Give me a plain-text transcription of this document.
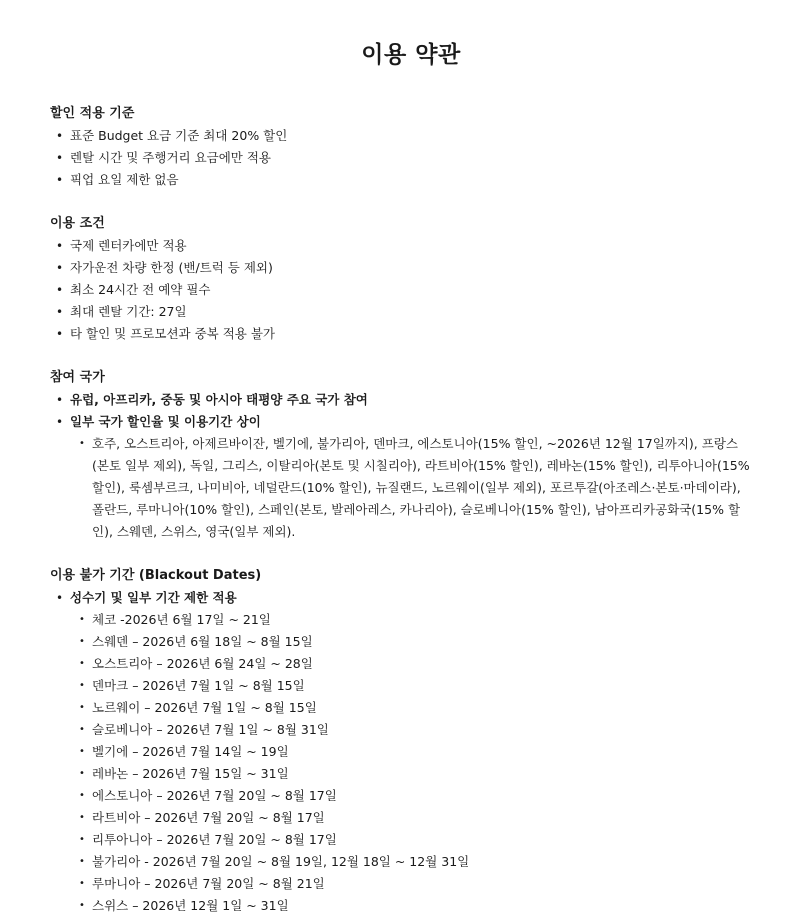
이용 약관
할인 적용 기준
• 표준 Budget 요금 기준 최대 20% 할인
• 렌탈 시간 및 주행거리 요금에만 적용
• 픽업 요일 제한 없음
이용 조건
• 국제 렌터카에만 적용
• 자가운전 차량 한정 (밴/트럭 등 제외)
• 최소 24시간 전 예약 필수
• 최대 렌탈 기간: 27일
• 타 할인 및 프로모션과 중복 적용 불가
참여 국가
• 유럽, 아프리카, 중동 및 아시아 태평양 주요 국가 참여
• 일부 국가 할인율 및 이용기간 상이
• 호주, 오스트리아, 아제르바이잔, 벨기에, 불가리아, 덴마크, 에스토니아(15% 할인, ~2026년 12월 17일까지), 프랑스(본토 일부 제외), 독일, 그리스, 이탈리아(본토 및 시칠리아), 라트비아(15% 할인), 레바논(15% 할인), 리투아니아(15% 할인), 룩셈부르크, 나미비아, 네덜란드(10% 할인), 뉴질랜드, 노르웨이(일부 제외), 포르투갈(아조레스·본토·마데이라), 폴란드, 루마니아(10% 할인), 스페인(본토, 발레아레스, 카나리아), 슬로베니아(15% 할인), 남아프리카공화국(15% 할인), 스웨덴, 스위스, 영국(일부 제외).
이용 불가 기간 (Blackout Dates)
• 성수기 및 일부 기간 제한 적용
• 체코 -2026년 6월 17일 ~ 21일
• 스웨덴 – 2026년 6월 18일 ~ 8월 15일
• 오스트리아 – 2026년 6월 24일 ~ 28일
• 덴마크 – 2026년 7월 1일 ~ 8월 15일
• 노르웨이 – 2026년 7월 1일 ~ 8월 15일
• 슬로베니아 – 2026년 7월 1일 ~ 8월 31일
• 벨기에 – 2026년 7월 14일 ~ 19일
• 레바논 – 2026년 7월 15일 ~ 31일
• 에스토니아 – 2026년 7월 20일 ~ 8월 17일
• 라트비아 – 2026년 7월 20일 ~ 8월 17일
• 리투아니아 – 2026년 7월 20일 ~ 8월 17일
• 불가리아 - 2026년 7월 20일 ~ 8월 19일, 12월 18일 ~ 12월 31일
• 루마니아 – 2026년 7월 20일 ~ 8월 21일
• 스위스 – 2026년 12월 1일 ~ 31일
